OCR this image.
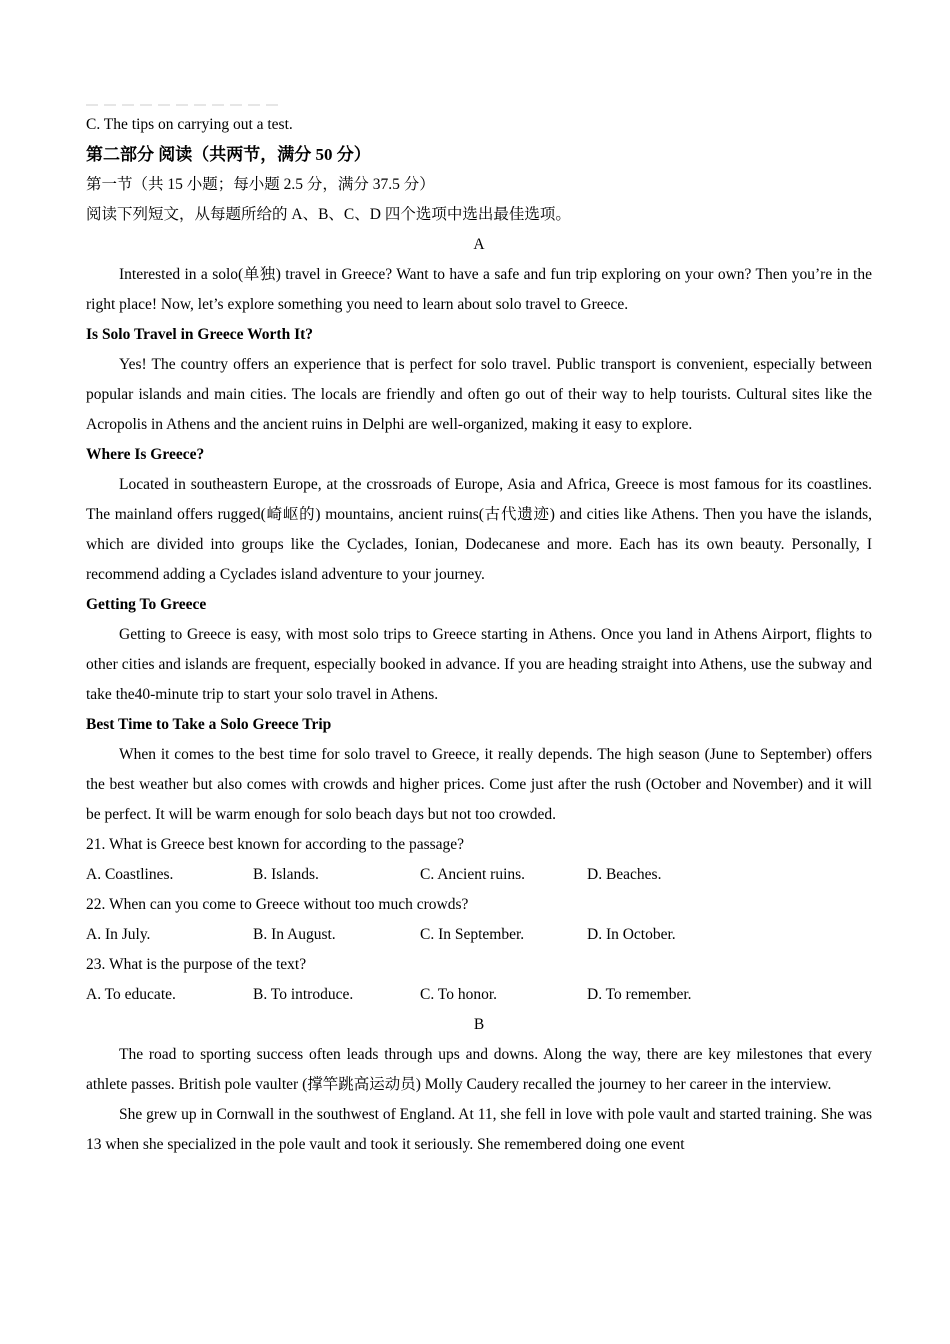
C. The tips on carrying out a test.
第二部分 阅读（共两节，满分 50 分）
第一节（共 15 小题；每小题 2.5 分，满分 37.5 分）
阅读下列短文，从每题所给的 A、B、C、D 四个选项中选出最佳选项。
A
Interested in a solo(单独) travel in Greece? Want to have a safe and fun trip exploring on your own? Then you’re in the right place! Now, let’s explore something you need to learn about solo travel to Greece.
Is Solo Travel in Greece Worth It?
Yes! The country offers an experience that is perfect for solo travel. Public transport is convenient, especially between popular islands and main cities. The locals are friendly and often go out of their way to help tourists. Cultural sites like the Acropolis in Athens and the ancient ruins in Delphi are well-organized, making it easy to explore.
Where Is Greece?
Located in southeastern Europe, at the crossroads of Europe, Asia and Africa, Greece is most famous for its coastlines. The mainland offers rugged(崎岖的) mountains, ancient ruins(古代遗迹) and cities like Athens. Then you have the islands, which are divided into groups like the Cyclades, Ionian, Dodecanese and more. Each has its own beauty. Personally, I recommend adding a Cyclades island adventure to your journey.
Getting To Greece
Getting to Greece is easy, with most solo trips to Greece starting in Athens. Once you land in Athens Airport, flights to other cities and islands are frequent, especially booked in advance. If you are heading straight into Athens, use the subway and take the40-minute trip to start your solo travel in Athens.
Best Time to Take a Solo Greece Trip
When it comes to the best time for solo travel to Greece, it really depends. The high season (June to September) offers the best weather but also comes with crowds and higher prices. Come just after the rush (October and November) and it will be perfect. It will be warm enough for solo beach days but not too crowded.
21. What is Greece best known for according to the passage?
A. Coastlines.	B. Islands.	C. Ancient ruins.	D. Beaches.
22. When can you come to Greece without too much crowds?
A. In July.	B. In August.	C. In September.	D. In October.
23. What is the purpose of the text?
A. To educate.	B. To introduce.	C. To honor.	D. To remember.
B
The road to sporting success often leads through ups and downs. Along the way, there are key milestones that every athlete passes. British pole vaulter (撑竿跳高运动员) Molly Caudery recalled the journey to her career in the interview.
She grew up in Cornwall in the southwest of England. At 11, she fell in love with pole vault and started training. She was 13 when she specialized in the pole vault and took it seriously. She remembered doing one event
